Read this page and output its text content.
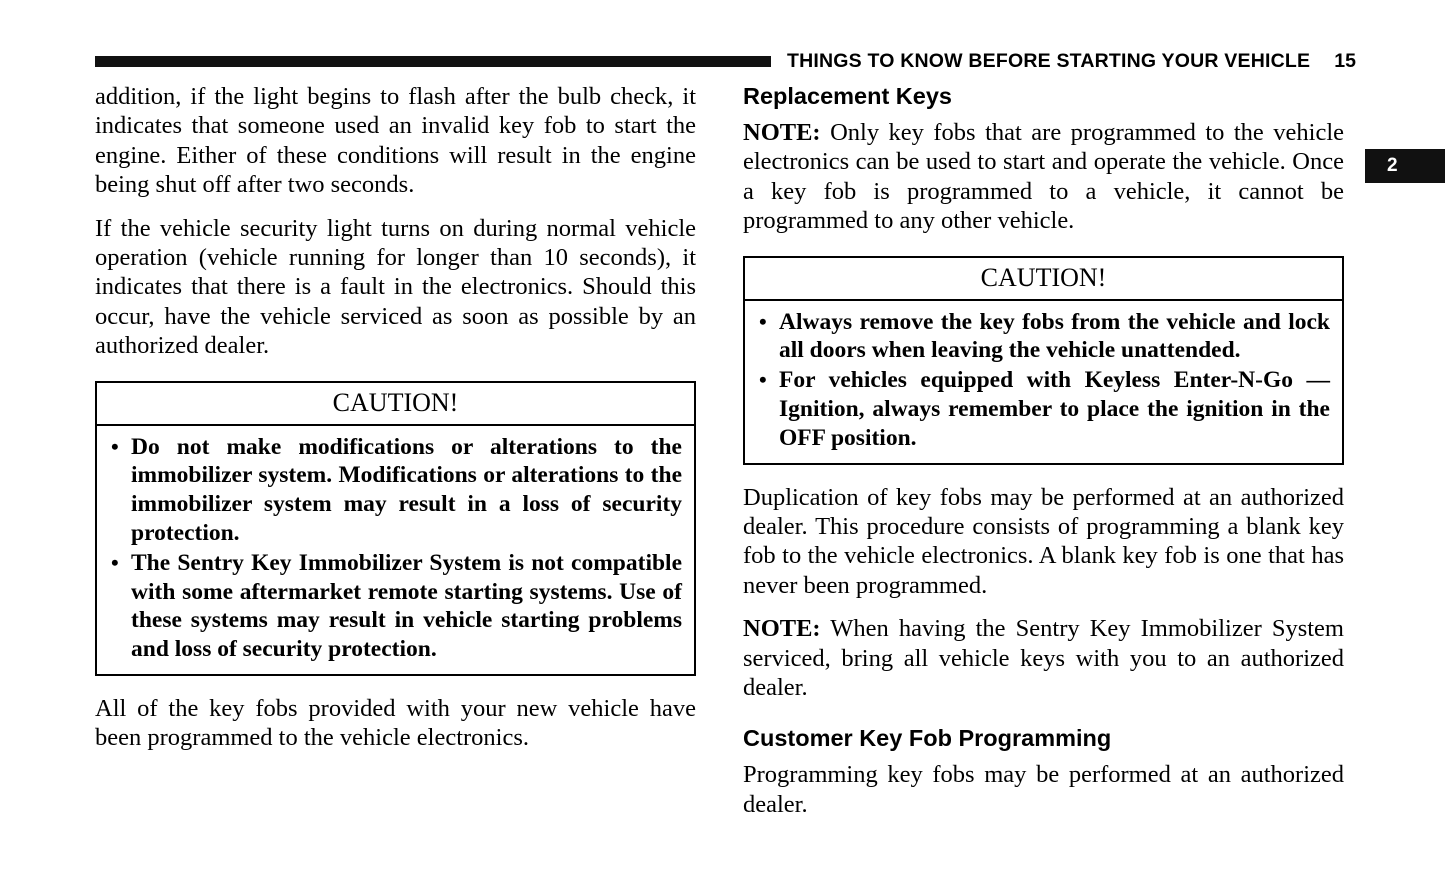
THINGS TO KNOW BEFORE STARTING YOUR VEHICLE 15
2

addition, if the light begins to flash after the bulb check, it indicates that someone used an invalid key fob to start the engine. Either of these conditions will result in the engine being shut off after two seconds.

If the vehicle security light turns on during normal vehicle operation (vehicle running for longer than 10 seconds), it indicates that there is a fault in the electronics. Should this occur, have the vehicle serviced as soon as possible by an authorized dealer.

CAUTION!
• Do not make modifications or alterations to the immobilizer system. Modifications or alterations to the immobilizer system may result in a loss of security protection.
• The Sentry Key Immobilizer System is not compatible with some aftermarket remote starting systems. Use of these systems may result in vehicle starting problems and loss of security protection.

All of the key fobs provided with your new vehicle have been programmed to the vehicle electronics.

Replacement Keys

NOTE: Only key fobs that are programmed to the vehicle electronics can be used to start and operate the vehicle. Once a key fob is programmed to a vehicle, it cannot be programmed to any other vehicle.

CAUTION!
• Always remove the key fobs from the vehicle and lock all doors when leaving the vehicle unattended.
• For vehicles equipped with Keyless Enter-N-Go — Ignition, always remember to place the ignition in the OFF position.

Duplication of key fobs may be performed at an authorized dealer. This procedure consists of programming a blank key fob to the vehicle electronics. A blank key fob is one that has never been programmed.

NOTE: When having the Sentry Key Immobilizer System serviced, bring all vehicle keys with you to an authorized dealer.

Customer Key Fob Programming

Programming key fobs may be performed at an authorized dealer.
